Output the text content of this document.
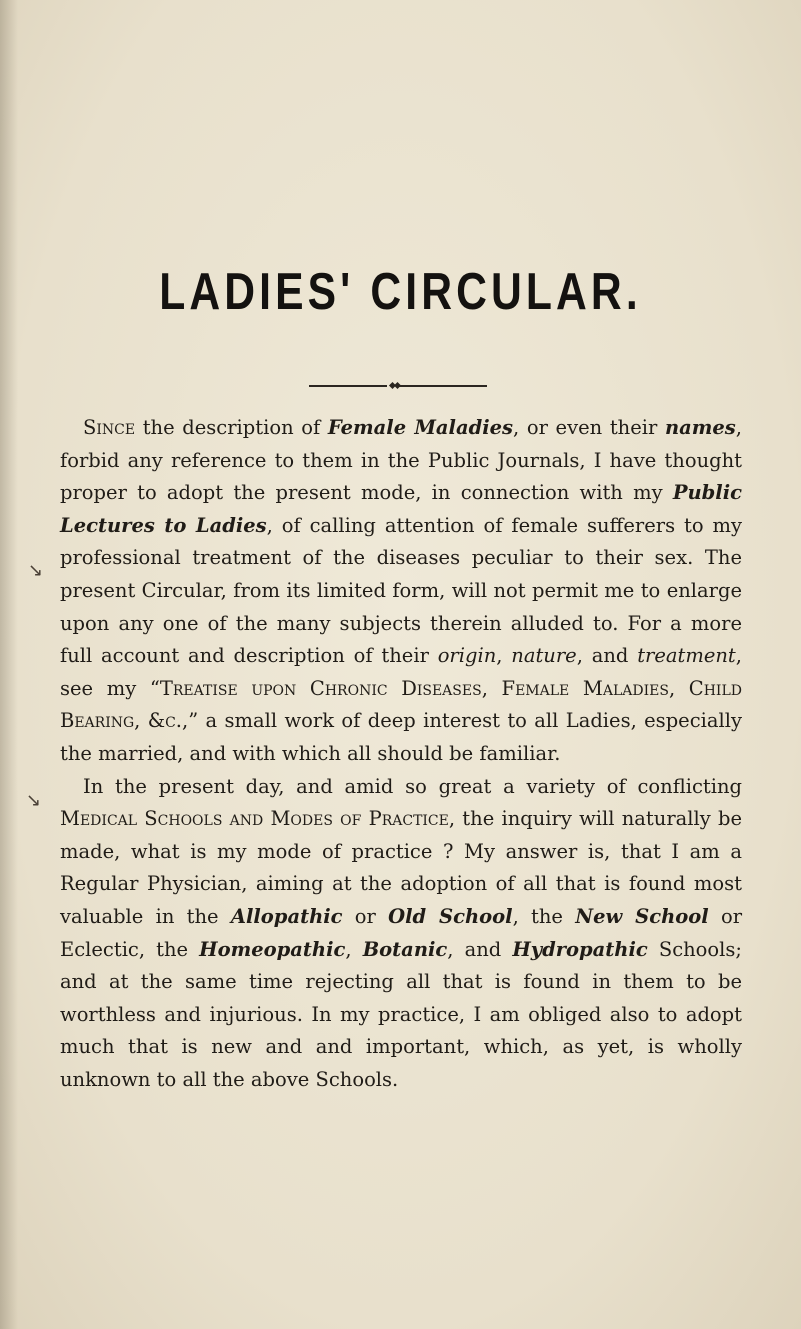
LADIES' CIRCULAR.
↘
↘

Since the description of Female Maladies, or even their names, forbid any reference to them in the Public Journals, I have thought proper to adopt the present mode, in connection with my Public Lectures to Ladies, of calling attention of female sufferers to my professional treatment of the diseases peculiar to their sex. The present Circular, from its limited form, will not permit me to enlarge upon any one of the many subjects therein alluded to. For a more full account and description of their origin, nature, and treatment, see my “Treatise upon Chronic Diseases, Female Maladies, Child Bearing, &c.,” a small work of deep interest to all Ladies, especially the married, and with which all should be familiar.

In the present day, and amid so great a variety of conflicting Medical Schools and Modes of Practice, the inquiry will naturally be made, what is my mode of practice ? My answer is, that I am a Regular Physician, aiming at the adoption of all that is found most valuable in the Allopathic or Old School, the New School or Eclectic, the Homeopathic, Botanic, and Hydropathic Schools; and at the same time rejecting all that is found in them to be worthless and injurious. In my practice, I am obliged also to adopt much that is new and and important, which, as yet, is wholly unknown to all the above Schools.
